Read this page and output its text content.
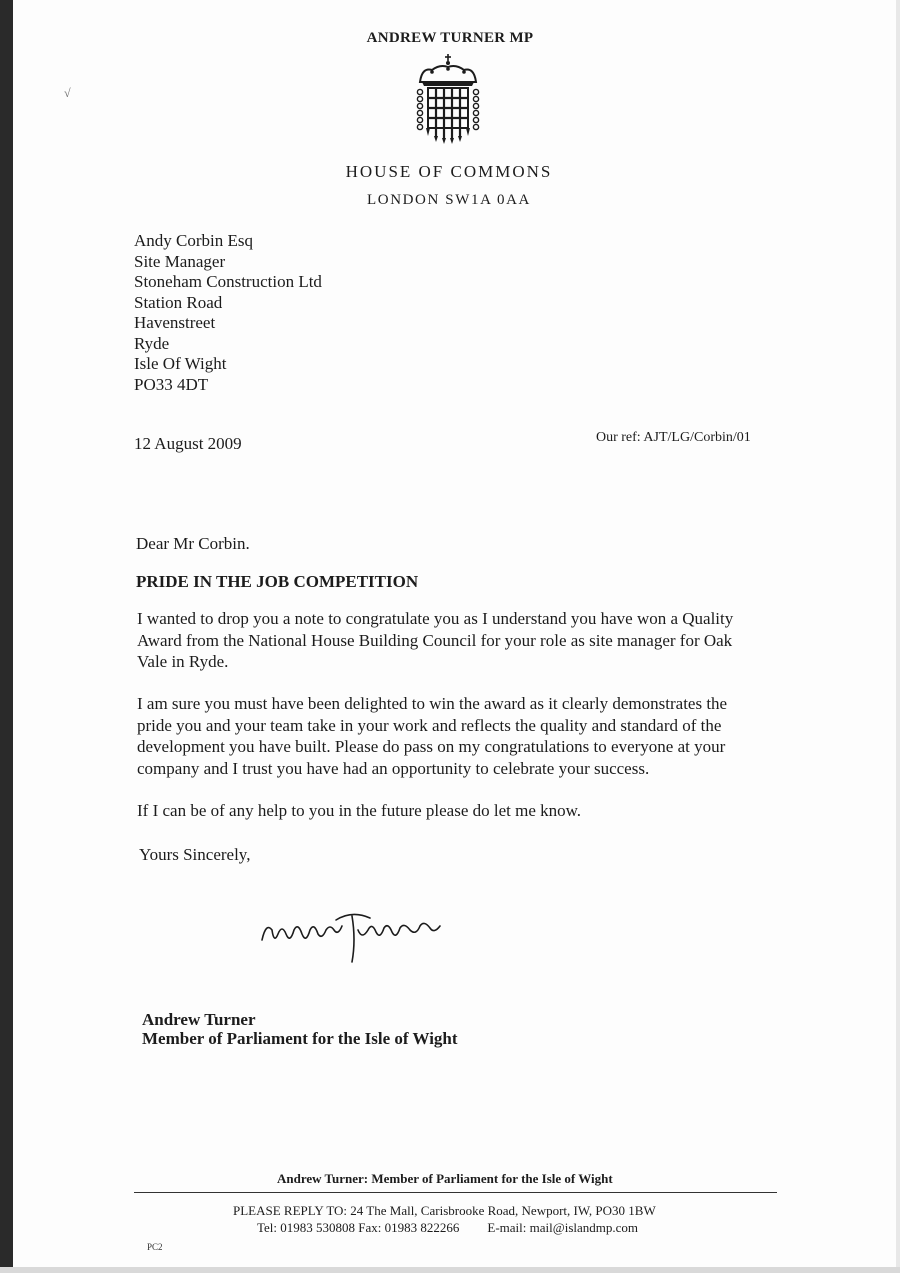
√
ANDREW TURNER MP
HOUSE OF COMMONS
LONDON SW1A 0AA
Andy Corbin Esq
Site Manager
Stoneham Construction Ltd
Station Road
Havenstreet
Ryde
Isle Of Wight
PO33 4DT
12 August 2009	Our ref: AJT/LG/Corbin/01
Dear Mr Corbin.
PRIDE IN THE JOB COMPETITION
I wanted to drop you a note to congratulate you as I understand you have won a Quality Award from the National House Building Council for your role as site manager for Oak Vale in Ryde.
I am sure you must have been delighted to win the award as it clearly demonstrates the pride you and your team take in your work and reflects the quality and standard of the development you have built. Please do pass on my congratulations to everyone at your company and I trust you have had an opportunity to celebrate your success.
If I can be of any help to you in the future please do let me know.
Yours Sincerely,
Andrew Turner
Member of Parliament for the Isle of Wight
Andrew Turner: Member of Parliament for the Isle of Wight
PLEASE REPLY TO: 24 The Mall, Carisbrooke Road, Newport, IW, PO30 1BW
Tel: 01983 530808 Fax: 01983 822266 E-mail: mail@islandmp.com
PC2
